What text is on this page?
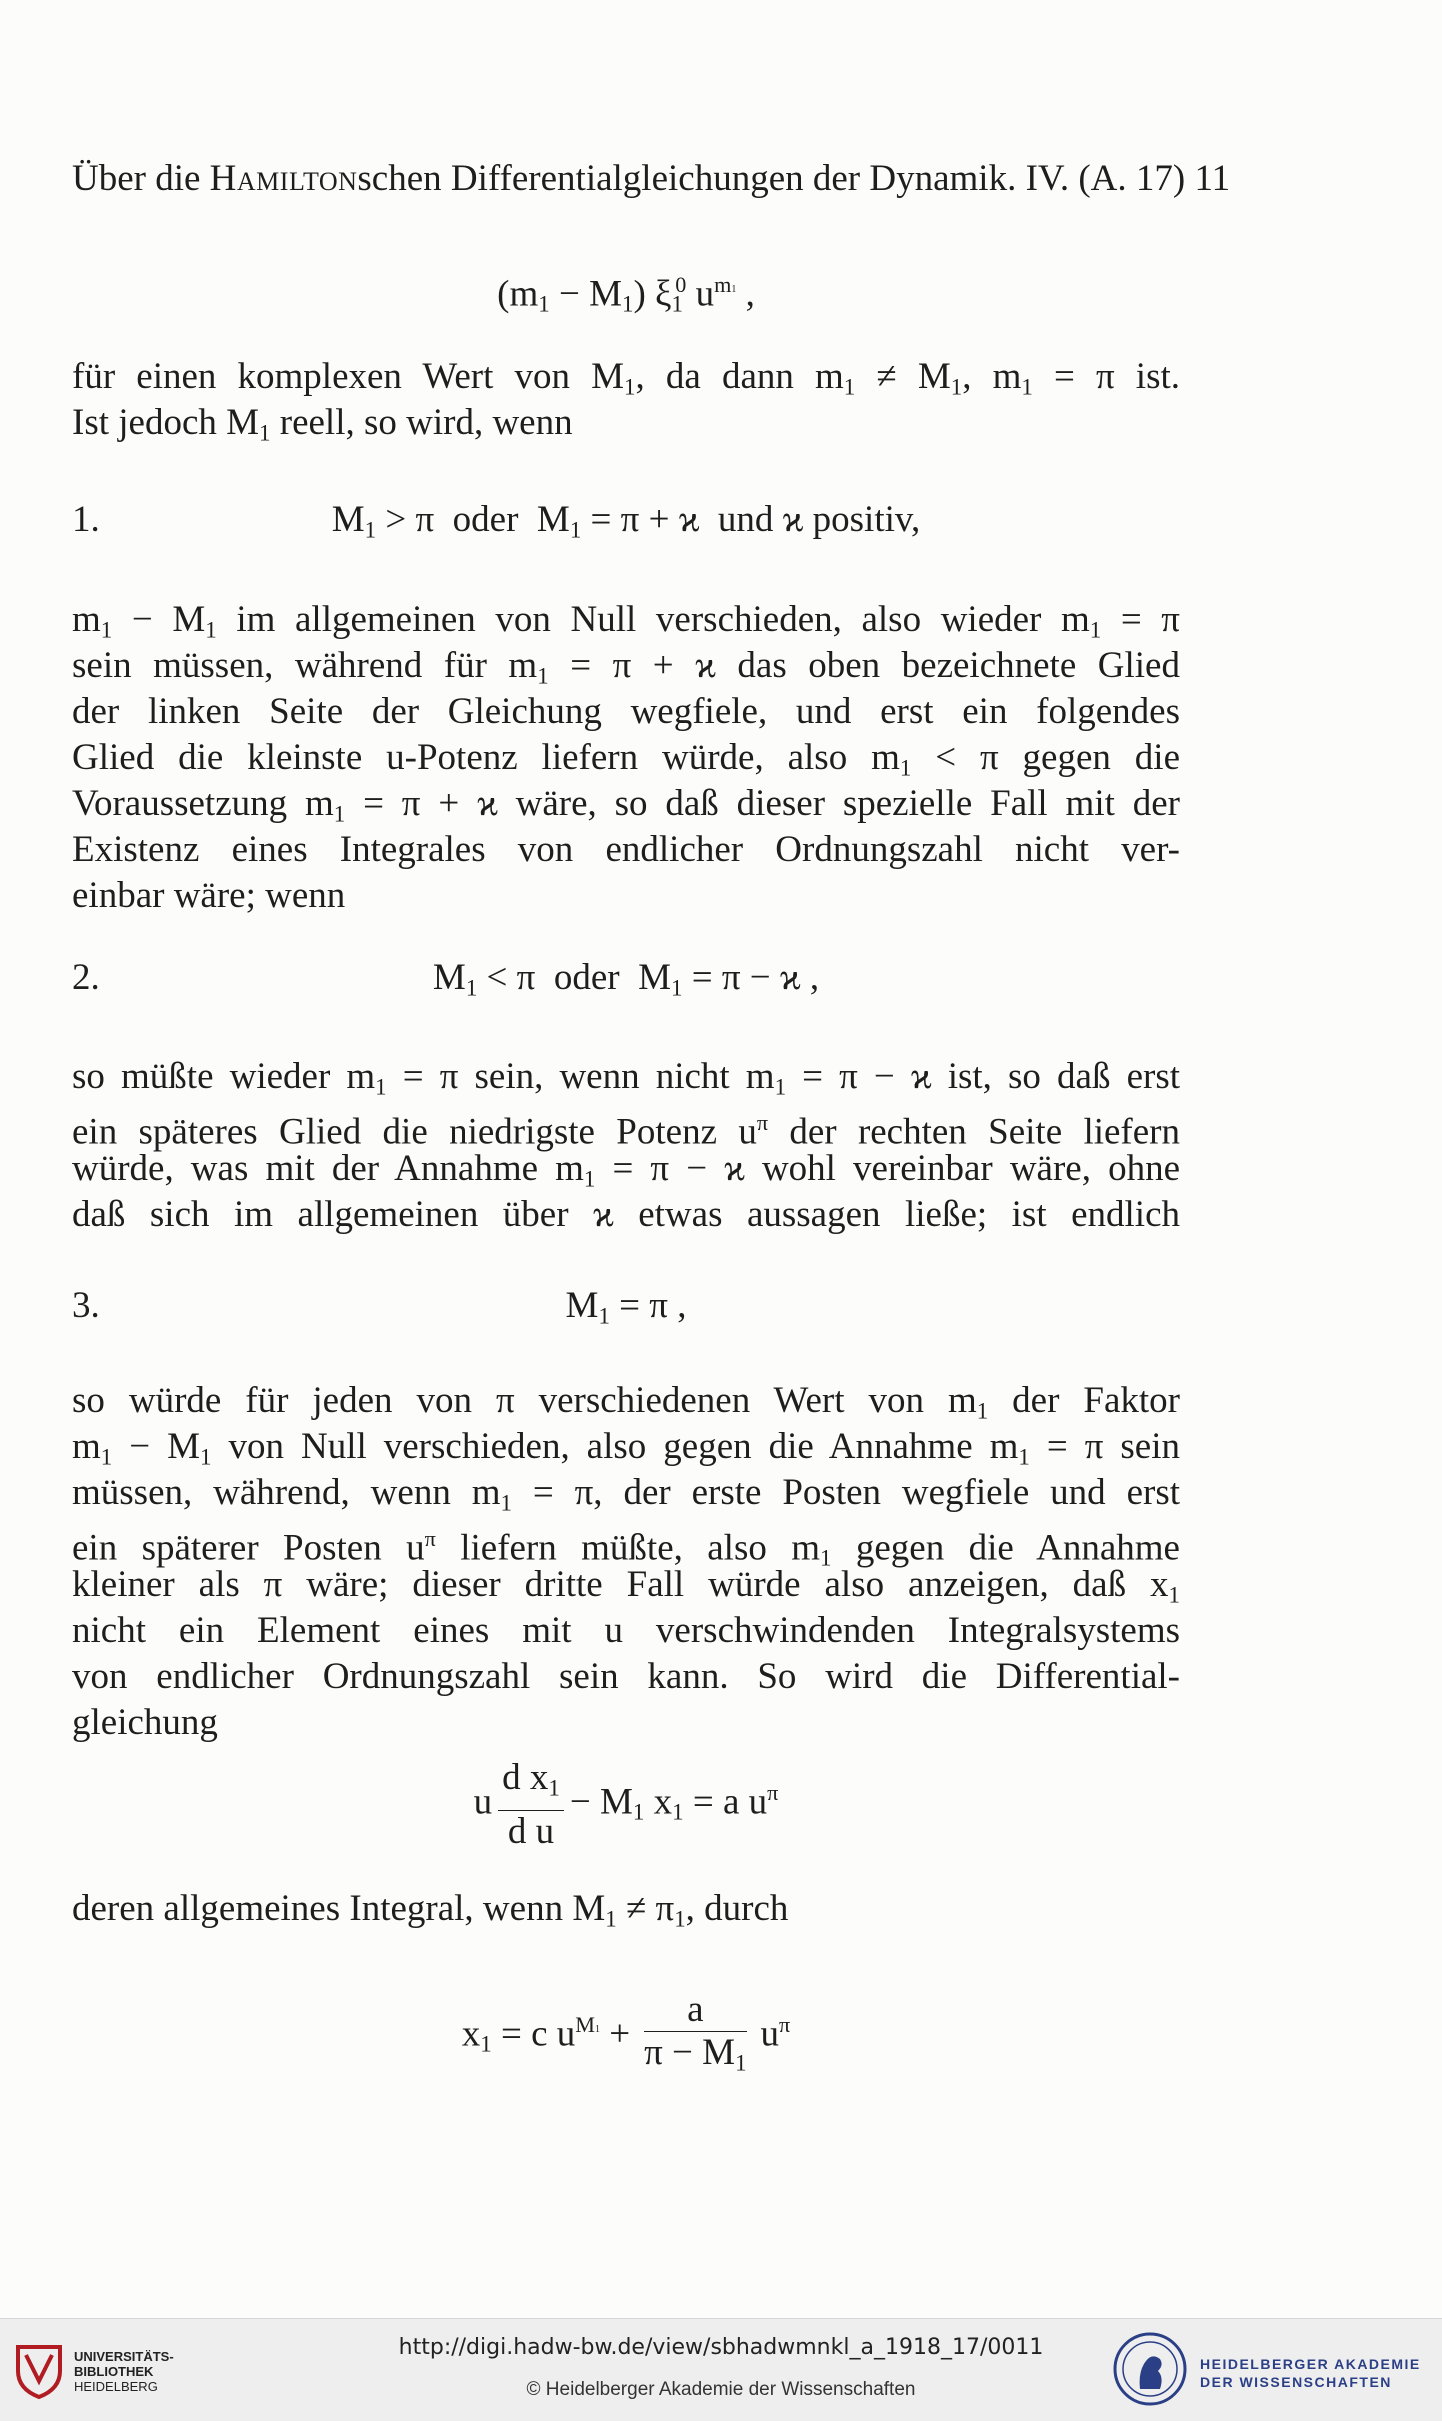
Über die Hamiltonschen Differentialgleichungen der Dynamik. IV. (A. 17) 11
$(m_1 - M_1)$ $\xi_1^0$ $u^{m1}$ ,
für einen komplexen Wert von $M_1$, da dann $m_1 \ne M_1$, $m_1 = \pi$ ist.
Ist jedoch $M_1$ reell, so wird, wenn
1.	$M_1 > \pi$  oder  $M_1 = \pi + ϰ$  und ϰ positiv,
$m_1 - M_1$ im allgemeinen von Null verschieden, also wieder $m_1 = \pi$
sein müssen, während für $m_1 = \pi + ϰ$ das oben bezeichnete Glied
der linken Seite der Gleichung wegfiele, und erst ein folgendes
Glied die kleinste u-Potenz liefern würde, also $m_1 < \pi$ gegen die
Voraussetzung $m_1 = \pi + ϰ$ wäre, so daß dieser spezielle Fall mit der
Existenz eines Integrales von endlicher Ordnungszahl nicht ver-
einbar wäre; wenn
2.	$M_1 < \pi$  oder  $M_1 = \pi - ϰ$ ,
so müßte wieder $m_1 = \pi$ sein, wenn nicht $m_1 = \pi - ϰ$ ist, so daß erst
ein späteres Glied die niedrigste Potenz $u^\pi$ der rechten Seite liefern
würde, was mit der Annahme $m_1 = \pi - ϰ$ wohl vereinbar wäre, ohne
daß sich im allgemeinen über ϰ etwas aussagen ließe; ist endlich
3.	$M_1 = \pi$ ,
so würde für jeden von π verschiedenen Wert von $m_1$ der Faktor
$m_1 - M_1$ von Null verschieden, also gegen die Annahme $m_1 = \pi$ sein
müssen, während, wenn $m_1 = \pi$, der erste Posten wegfiele und erst
ein späterer Posten $u^\pi$ liefern müßte, also $m_1$ gegen die Annahme
kleiner als π wäre; dieser dritte Fall würde also anzeigen, daß $x_1$
nicht ein Element eines mit u verschwindenden Integralsystems
von endlicher Ordnungszahl sein kann. So wird die Differential-
gleichung
u $\frac{d x_1}{\text{d u}} - M_1$ $x_1 = a$ $u^\pi$
deren allgemeines Integral, wenn $M_1 \ne \pi_1$, durch
$x_1 = c$ $u^{M1} + \frac{a}{\pi - M_1} u^\pi$
UNIVERSITÄTS-
BIBLIOTHEK
HEIDELBERG
http://digi.hadw-bw.de/view/sbhadwmnkl_a_1918_17/0011
© Heidelberger Akademie der Wissenschaften
HEIDELBERGER AKADEMIE
DER WISSENSCHAFTEN
